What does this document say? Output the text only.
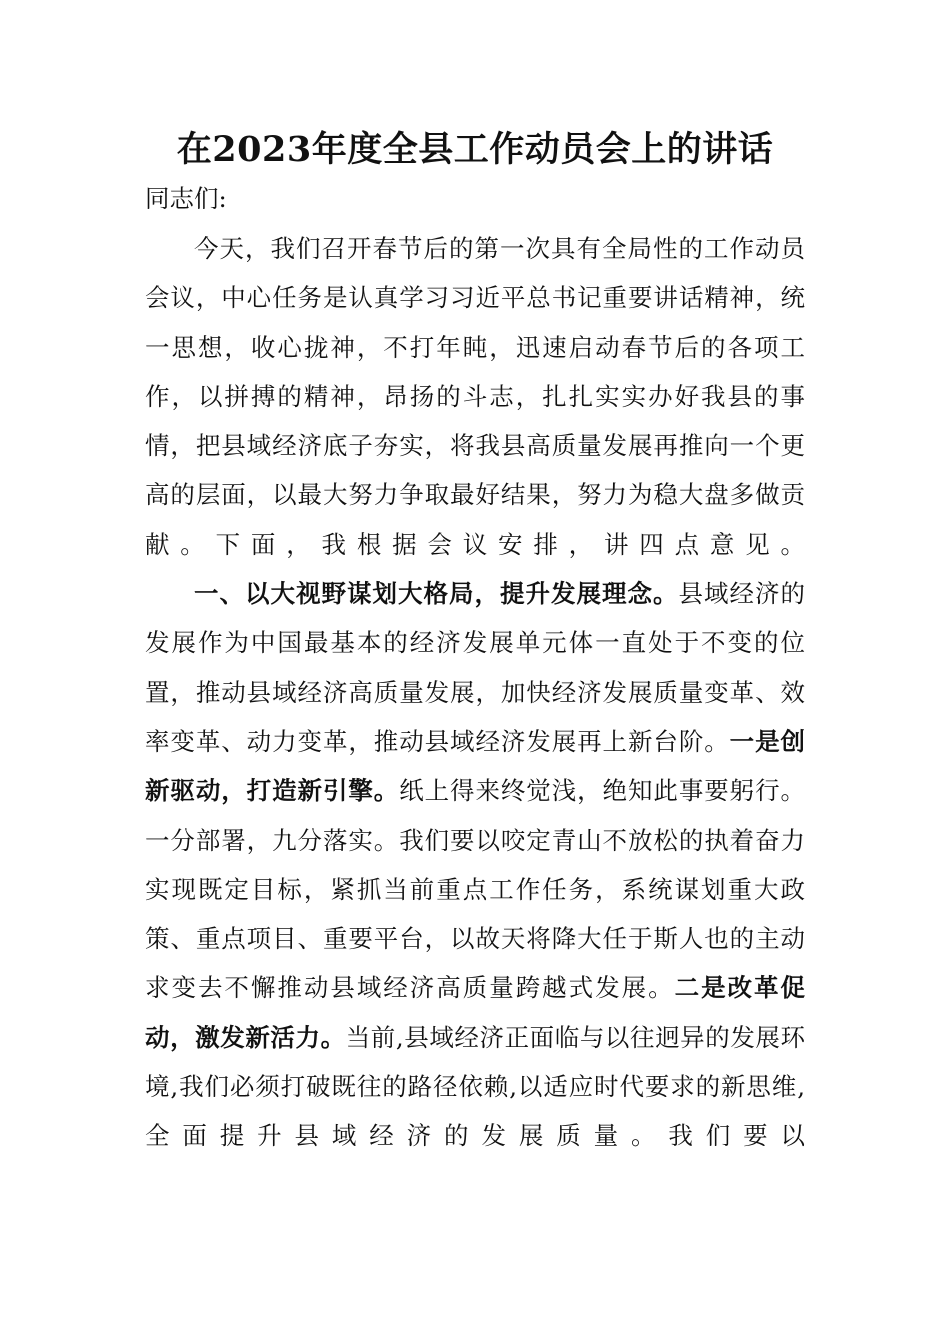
在2023年度全县工作动员会上的讲话

同志们:

今天，我们召开春节后的第一次具有全局性的工作动员会议，中心任务是认真学习习近平总书记重要讲话精神，统一思想，收心拢神，不打年盹，迅速启动春节后的各项工作，以拼搏的精神，昂扬的斗志，扎扎实实办好我县的事情，把县域经济底子夯实，将我县高质量发展再推向一个更高的层面，以最大努力争取最好结果，努力为稳大盘多做贡献。下面，我根据会议安排，讲四点意见。

一、以大视野谋划大格局，提升发展理念。县域经济的发展作为中国最基本的经济发展单元体一直处于不变的位置，推动县域经济高质量发展，加快经济发展质量变革、效率变革、动力变革，推动县域经济发展再上新台阶。一是创新驱动，打造新引擎。纸上得来终觉浅，绝知此事要躬行。一分部署，九分落实。我们要以咬定青山不放松的执着奋力实现既定目标，紧抓当前重点工作任务，系统谋划重大政策、重点项目、重要平台，以故天将降大任于斯人也的主动求变去不懈推动县域经济高质量跨越式发展。二是改革促动，激发新活力。当前,县域经济正面临与以往迥异的发展环境,我们必须打破既往的路径依赖,以适应时代要求的新思维,全面提升县域经济的发展质量。我们要以
